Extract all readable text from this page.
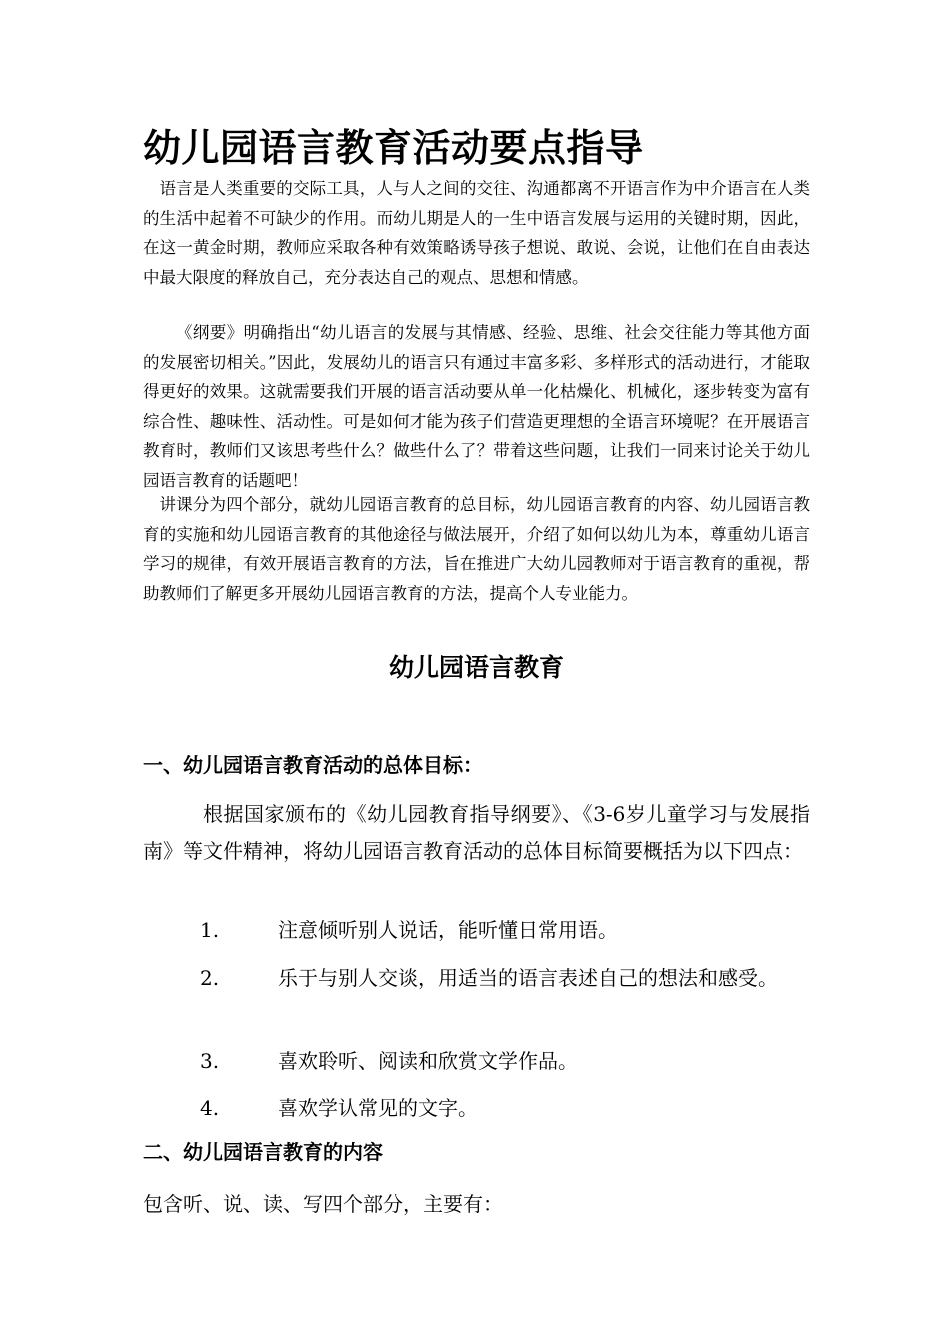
幼儿园语言教育活动要点指导

语言是人类重要的交际工具，人与人之间的交往、沟通都离不开语言作为中介语言在人类的生活中起着不可缺少的作用。而幼儿期是人的一生中语言发展与运用的关键时期，因此，在这一黄金时期，教师应采取各种有效策略诱导孩子想说、敢说、会说，让他们在自由表达中最大限度的释放自己，充分表达自己的观点、思想和情感。

《纲要》明确指出“幼儿语言的发展与其情感、经验、思维、社会交往能力等其他方面的发展密切相关。”因此，发展幼儿的语言只有通过丰富多彩、多样形式的活动进行，才能取得更好的效果。这就需要我们开展的语言活动要从单一化枯燥化、机械化，逐步转变为富有综合性、趣味性、活动性。可是如何才能为孩子们营造更理想的全语言环境呢？在开展语言教育时，教师们又该思考些什么？做些什么了？带着这些问题，让我们一同来讨论关于幼儿园语言教育的话题吧！

讲课分为四个部分，就幼儿园语言教育的总目标，幼儿园语言教育的内容、幼儿园语言教育的实施和幼儿园语言教育的其他途径与做法展开，介绍了如何以幼儿为本，尊重幼儿语言学习的规律，有效开展语言教育的方法，旨在推进广大幼儿园教师对于语言教育的重视，帮助教师们了解更多开展幼儿园语言教育的方法，提高个人专业能力。

幼儿园语言教育
一、幼儿园语言教育活动的总体目标：

根据国家颁布的《幼儿园教育指导纲要》、《3-6岁儿童学习与发展指南》等文件精神，将幼儿园语言教育活动的总体目标简要概括为以下四点：

1.	注意倾听别人说话，能听懂日常用语。
2.	乐于与别人交谈，用适当的语言表述自己的想法和感受。
3.	喜欢聆听、阅读和欣赏文学作品。
4.	喜欢学认常见的文字。
二、幼儿园语言教育的内容

包含听、说、读、写四个部分，主要有：
